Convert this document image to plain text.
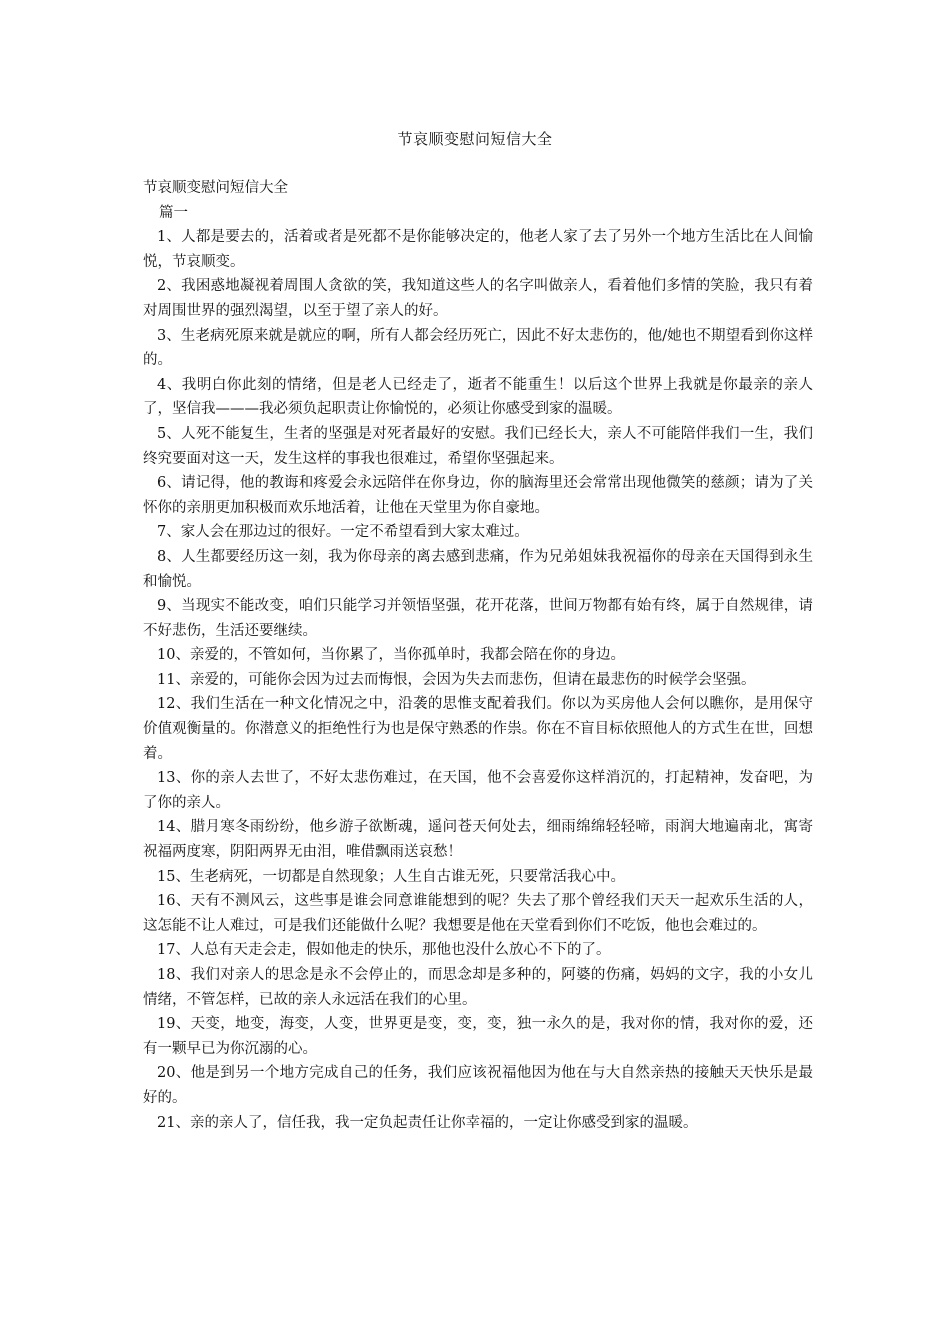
节哀顺变慰问短信大全

节哀顺变慰问短信大全

篇一

1、人都是要去的，活着或者是死都不是你能够决定的，他老人家了去了另外一个地方生活比在人间愉悦，节哀顺变。

2、我困惑地凝视着周围人贪欲的笑，我知道这些人的名字叫做亲人，看着他们多情的笑脸，我只有着对周围世界的强烈渴望，以至于望了亲人的好。

3、生老病死原来就是就应的啊，所有人都会经历死亡，因此不好太悲伤的，他/她也不期望看到你这样的。

4、我明白你此刻的情绪，但是老人已经走了，逝者不能重生！以后这个世界上我就是你最亲的亲人了，坚信我———我必须负起职责让你愉悦的，必须让你感受到家的温暖。

5、人死不能复生，生者的坚强是对死者最好的安慰。我们已经长大，亲人不可能陪伴我们一生，我们终究要面对这一天，发生这样的事我也很难过，希望你坚强起来。

6、请记得，他的教诲和疼爱会永远陪伴在你身边，你的脑海里还会常常出现他微笑的慈颜；请为了关怀你的亲朋更加积极而欢乐地活着，让他在天堂里为你自豪地。

7、家人会在那边过的很好。一定不希望看到大家太难过。

8、人生都要经历这一刻，我为你母亲的离去感到悲痛，作为兄弟姐妹我祝福你的母亲在天国得到永生和愉悦。

9、当现实不能改变，咱们只能学习并领悟坚强，花开花落，世间万物都有始有终，属于自然规律，请不好悲伤，生活还要继续。

10、亲爱的，不管如何，当你累了，当你孤单时，我都会陪在你的身边。

11、亲爱的，可能你会因为过去而悔恨，会因为失去而悲伤，但请在最悲伤的时候学会坚强。

12、我们生活在一种文化情况之中，沿袭的思惟支配着我们。你以为买房他人会何以瞧你，是用保守价值观衡量的。你潜意义的拒绝性行为也是保守熟悉的作祟。你在不盲目标依照他人的方式生在世，回想着。

13、你的亲人去世了，不好太悲伤难过，在天国，他不会喜爱你这样消沉的，打起精神，发奋吧，为了你的亲人。

14、腊月寒冬雨纷纷，他乡游子欲断魂，遥问苍天何处去，细雨绵绵轻轻啼，雨润大地遍南北，寓寄祝福两度寒，阴阳两界无由泪，唯借飘雨送哀愁！

15、生老病死，一切都是自然现象；人生自古谁无死，只要常活我心中。

16、天有不测风云，这些事是谁会同意谁能想到的呢？失去了那个曾经我们天天一起欢乐生活的人，这怎能不让人难过，可是我们还能做什么呢？我想要是他在天堂看到你们不吃饭，他也会难过的。

17、人总有天走会走，假如他走的快乐，那他也没什么放心不下的了。

18、我们对亲人的思念是永不会停止的，而思念却是多种的，阿婆的伤痛，妈妈的文字，我的小女儿情绪，不管怎样，已故的亲人永远活在我们的心里。

19、天变，地变，海变，人变，世界更是变，变，变，独一永久的是，我对你的情，我对你的爱，还有一颗早已为你沉溺的心。

20、他是到另一个地方完成自己的任务，我们应该祝福他因为他在与大自然亲热的接触天天快乐是最好的。

21、亲的亲人了，信任我，我一定负起责任让你幸福的，一定让你感受到家的温暖。
